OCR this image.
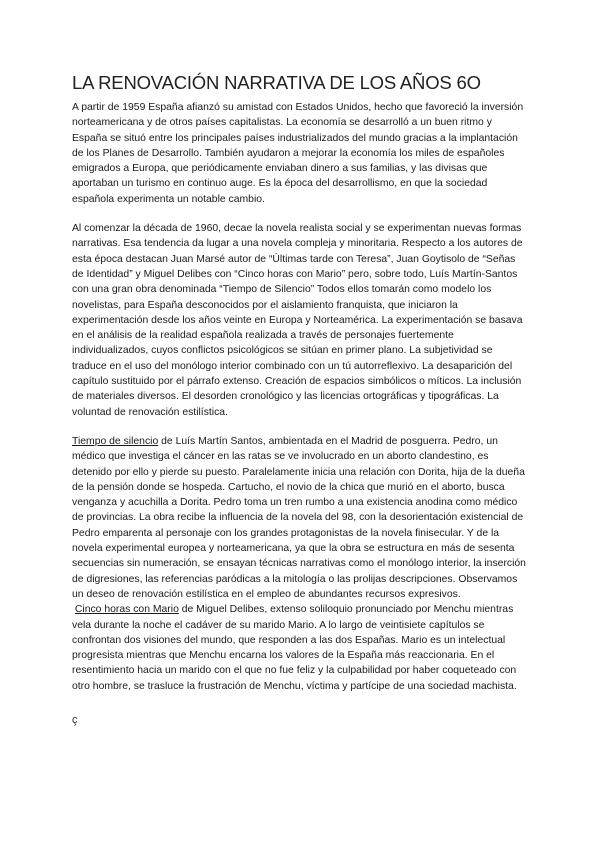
LA RENOVACIÓN NARRATIVA DE LOS AÑOS 6O

A partir de 1959 España afianzó su amistad con Estados Unidos, hecho que favoreció la inversión norteamericana y de otros países capitalistas. La economía se desarrolló a un buen ritmo y España se situó entre los principales países industrializados del mundo gracias a la implantación de los Planes de Desarrollo. También ayudaron a mejorar la economía los miles de españoles emigrados a Europa, que periódicamente enviaban dinero a sus familias, y las divisas que aportaban un turismo en continuo auge. Es la época del desarrollismo, en que la sociedad española experimenta un notable cambio.

Al comenzar la década de 1960, decae la novela realista social y se experimentan nuevas formas narrativas. Esa tendencia da lugar a una novela compleja y minoritaria. Respecto a los autores de esta época destacan Juan Marsé autor de “Últimas tarde con Teresa”, Juan Goytisolo de “Señas de Identidad” y Miguel Delibes con “Cinco horas con Mario” pero, sobre todo, Luís Martín-Santos con una gran obra denominada “Tiempo de Silencio” Todos ellos tomarán como modelo los novelistas, para España desconocidos por el aislamiento franquista, que iniciaron la experimentación desde los años veinte en Europa y Norteamérica. La experimentación se basava en el análisis de la realidad española realizada a través de personajes fuertemente individualizados, cuyos conflictos psicológicos se sitúan en primer plano. La subjetividad se traduce en el uso del monólogo interior combinado con un tú autorreflexivo. La desaparición del capítulo sustituido por el párrafo extenso. Creación de espacios simbólicos o míticos. La inclusión de materiales diversos. El desorden cronológico y las licencias ortográficas y tipográficas. La voluntad de renovación estilística.

Tiempo de silencio de Luís Martín Santos, ambientada en el Madrid de posguerra. Pedro, un médico que investiga el cáncer en las ratas se ve involucrado en un aborto clandestino, es detenido por ello y pierde su puesto. Paralelamente inicia una relación con Dorita, hija de la dueña de la pensión donde se hospeda. Cartucho, el novio de la chica que murió en el aborto, busca venganza y acuchilla a Dorita. Pedro toma un tren rumbo a una existencia anodina como médico de provincias. La obra recibe la influencia de la novela del 98, con la desorientación existencial de Pedro emparenta al personaje con los grandes protagonistas de la novela finisecular. Y de la novela experimental europea y norteamericana, ya que la obra se estructura en más de sesenta secuencias sin numeración, se ensayan técnicas narrativas como el monólogo interior, la inserción de digresiones, las referencias paródicas a la mitología o las prolijas descripciones. Observamos un deseo de renovación estilística en el empleo de abundantes recursos expresivos.

Cinco horas con Mario de Miguel Delibes, extenso soliloquio pronunciado por Menchu mientras vela durante la noche el cadáver de su marido Mario. A lo largo de veintisiete capítulos se confrontan dos visiones del mundo, que responden a las dos Españas. Mario es un intelectual progresista mientras que Menchu encarna los valores de la España más reaccionaria. En el resentimiento hacia un marido con el que no fue feliz y la culpabilidad por haber coqueteado con otro hombre, se trasluce la frustración de Menchu, víctima y partícipe de una sociedad machista.

ç
